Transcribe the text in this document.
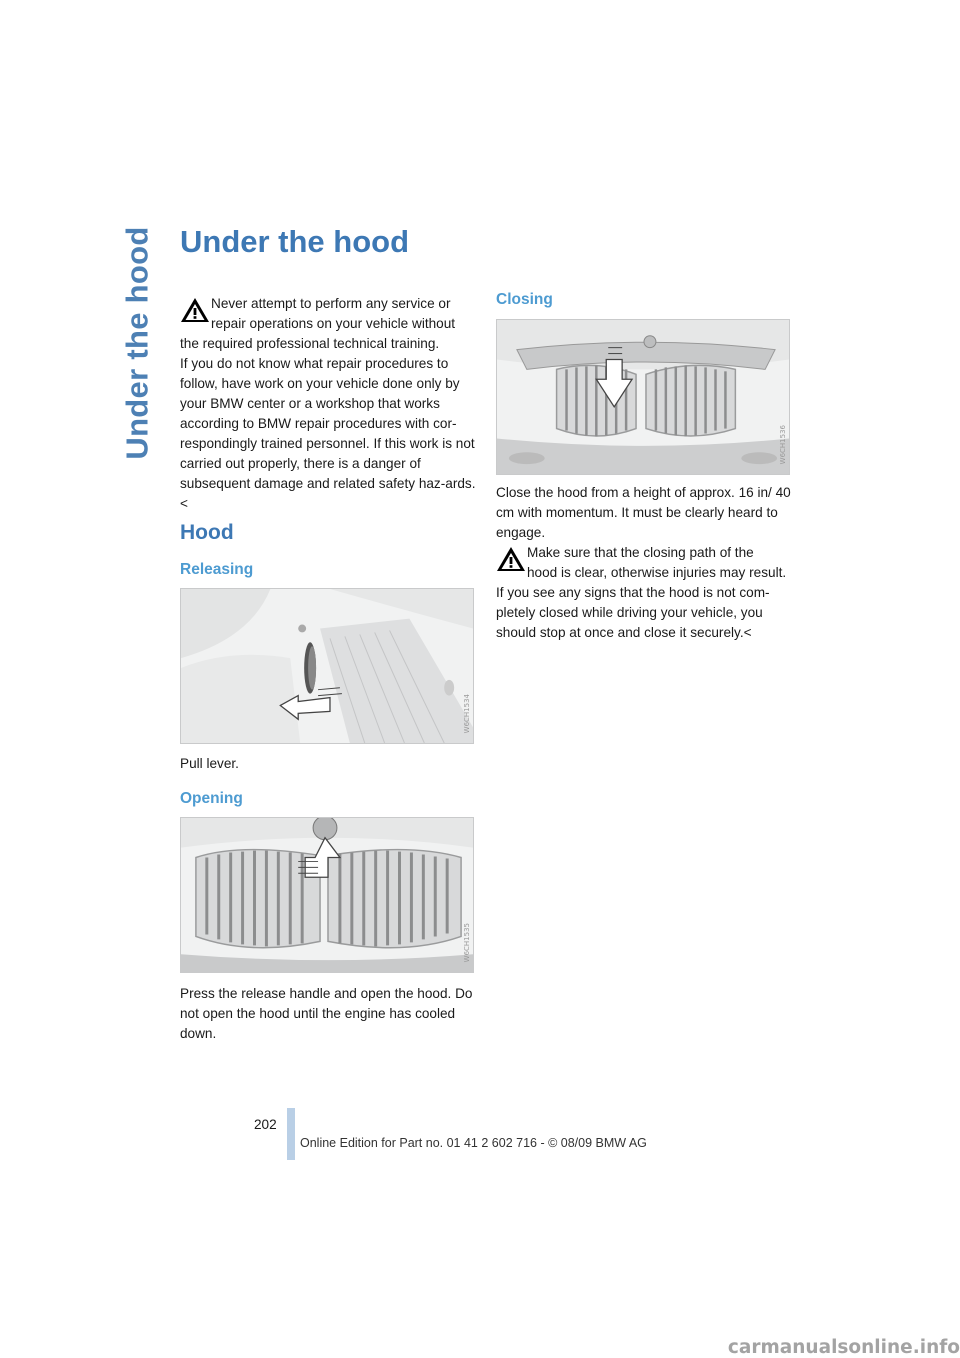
Under the hood Under the hood

Never attempt to perform any service or

repair operations on your vehicle without the required professional technical training.

If you do not know what repair procedures to follow, have work on your vehicle done only by your BMW center or a workshop that works according to BMW repair procedures with cor-respondingly trained personnel. If this work is not carried out properly, there is a danger of subsequent damage and related safety haz-ards.<

Hood
Releasing
W6CH1534

Pull lever.

Opening
W6CH1535

Press the release handle and open the hood. Do not open the hood until the engine has cooled down.

Closing
W6CH1536

Close the hood from a height of approx. 16 in/ 40 cm with momentum. It must be clearly heard to engage.

Make sure that the closing path of the

hood is clear, otherwise injuries may result.

If you see any signs that the hood is not com-pletely closed while driving your vehicle, you should stop at once and close it securely.<

202
Online Edition for Part no. 01 41 2 602 716 - © 08/09 BMW AG
carmanualsonline.info
